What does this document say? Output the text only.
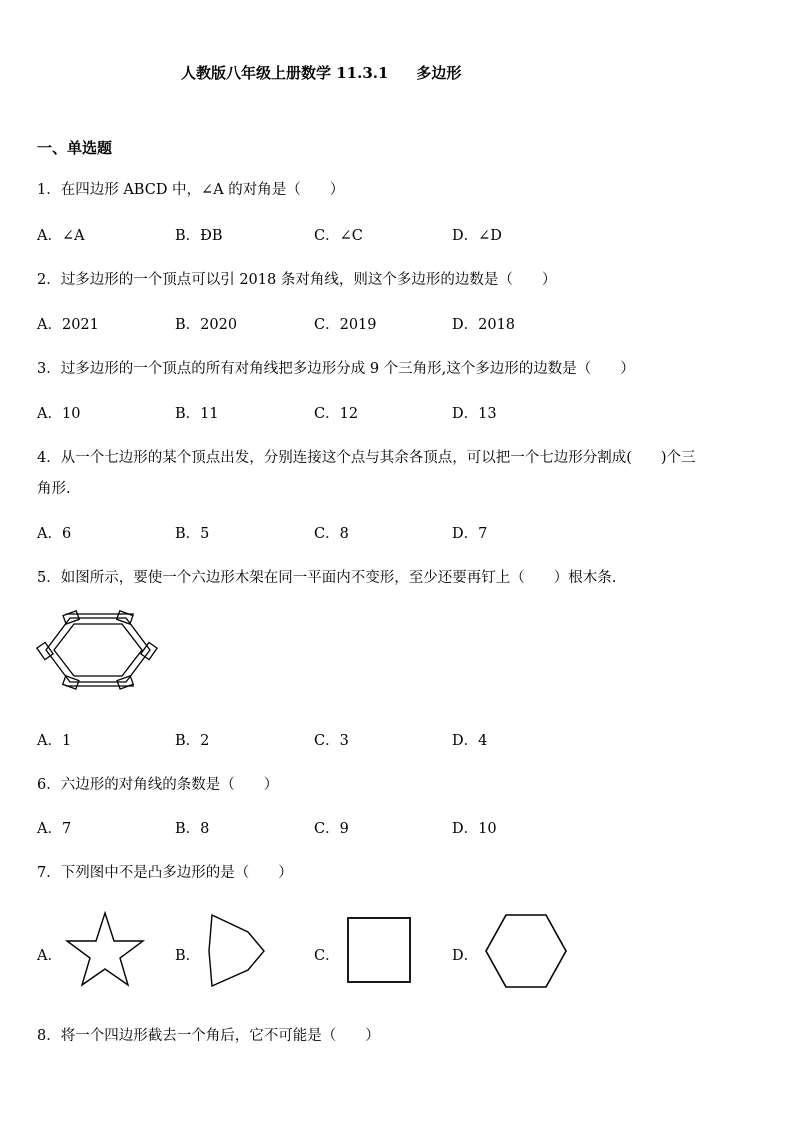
人教版八年级上册数学 11.3.1 多边形
一、单选题
1．在四边形 ABCD 中，∠A 的对角是（　　）
A．∠A	B．ÐB	C．∠C	D．∠D
2．过多边形的一个顶点可以引 2018 条对角线，则这个多边形的边数是（　　）
A．2021	B．2020	C．2019	D．2018
3．过多边形的一个顶点的所有对角线把多边形分成 9 个三角形,这个多边形的边数是（　　）
A．10	B．11	C．12	D．13
4．从一个七边形的某个顶点出发，分别连接这个点与其余各顶点，可以把一个七边形分割成(　　)个三
角形.
A．6	B．5	C．8	D．7
5．如图所示，要使一个六边形木架在同一平面内不变形，至少还要再钉上（　　）根木条.
A．1	B．2	C．3	D．4
6．六边形的对角线的条数是（　　）
A．7	B．8	C．9	D．10
7．下列图中不是凸多边形的是（　　）
A．	B．	C．	D．
8．将一个四边形截去一个角后，它不可能是（　　）
